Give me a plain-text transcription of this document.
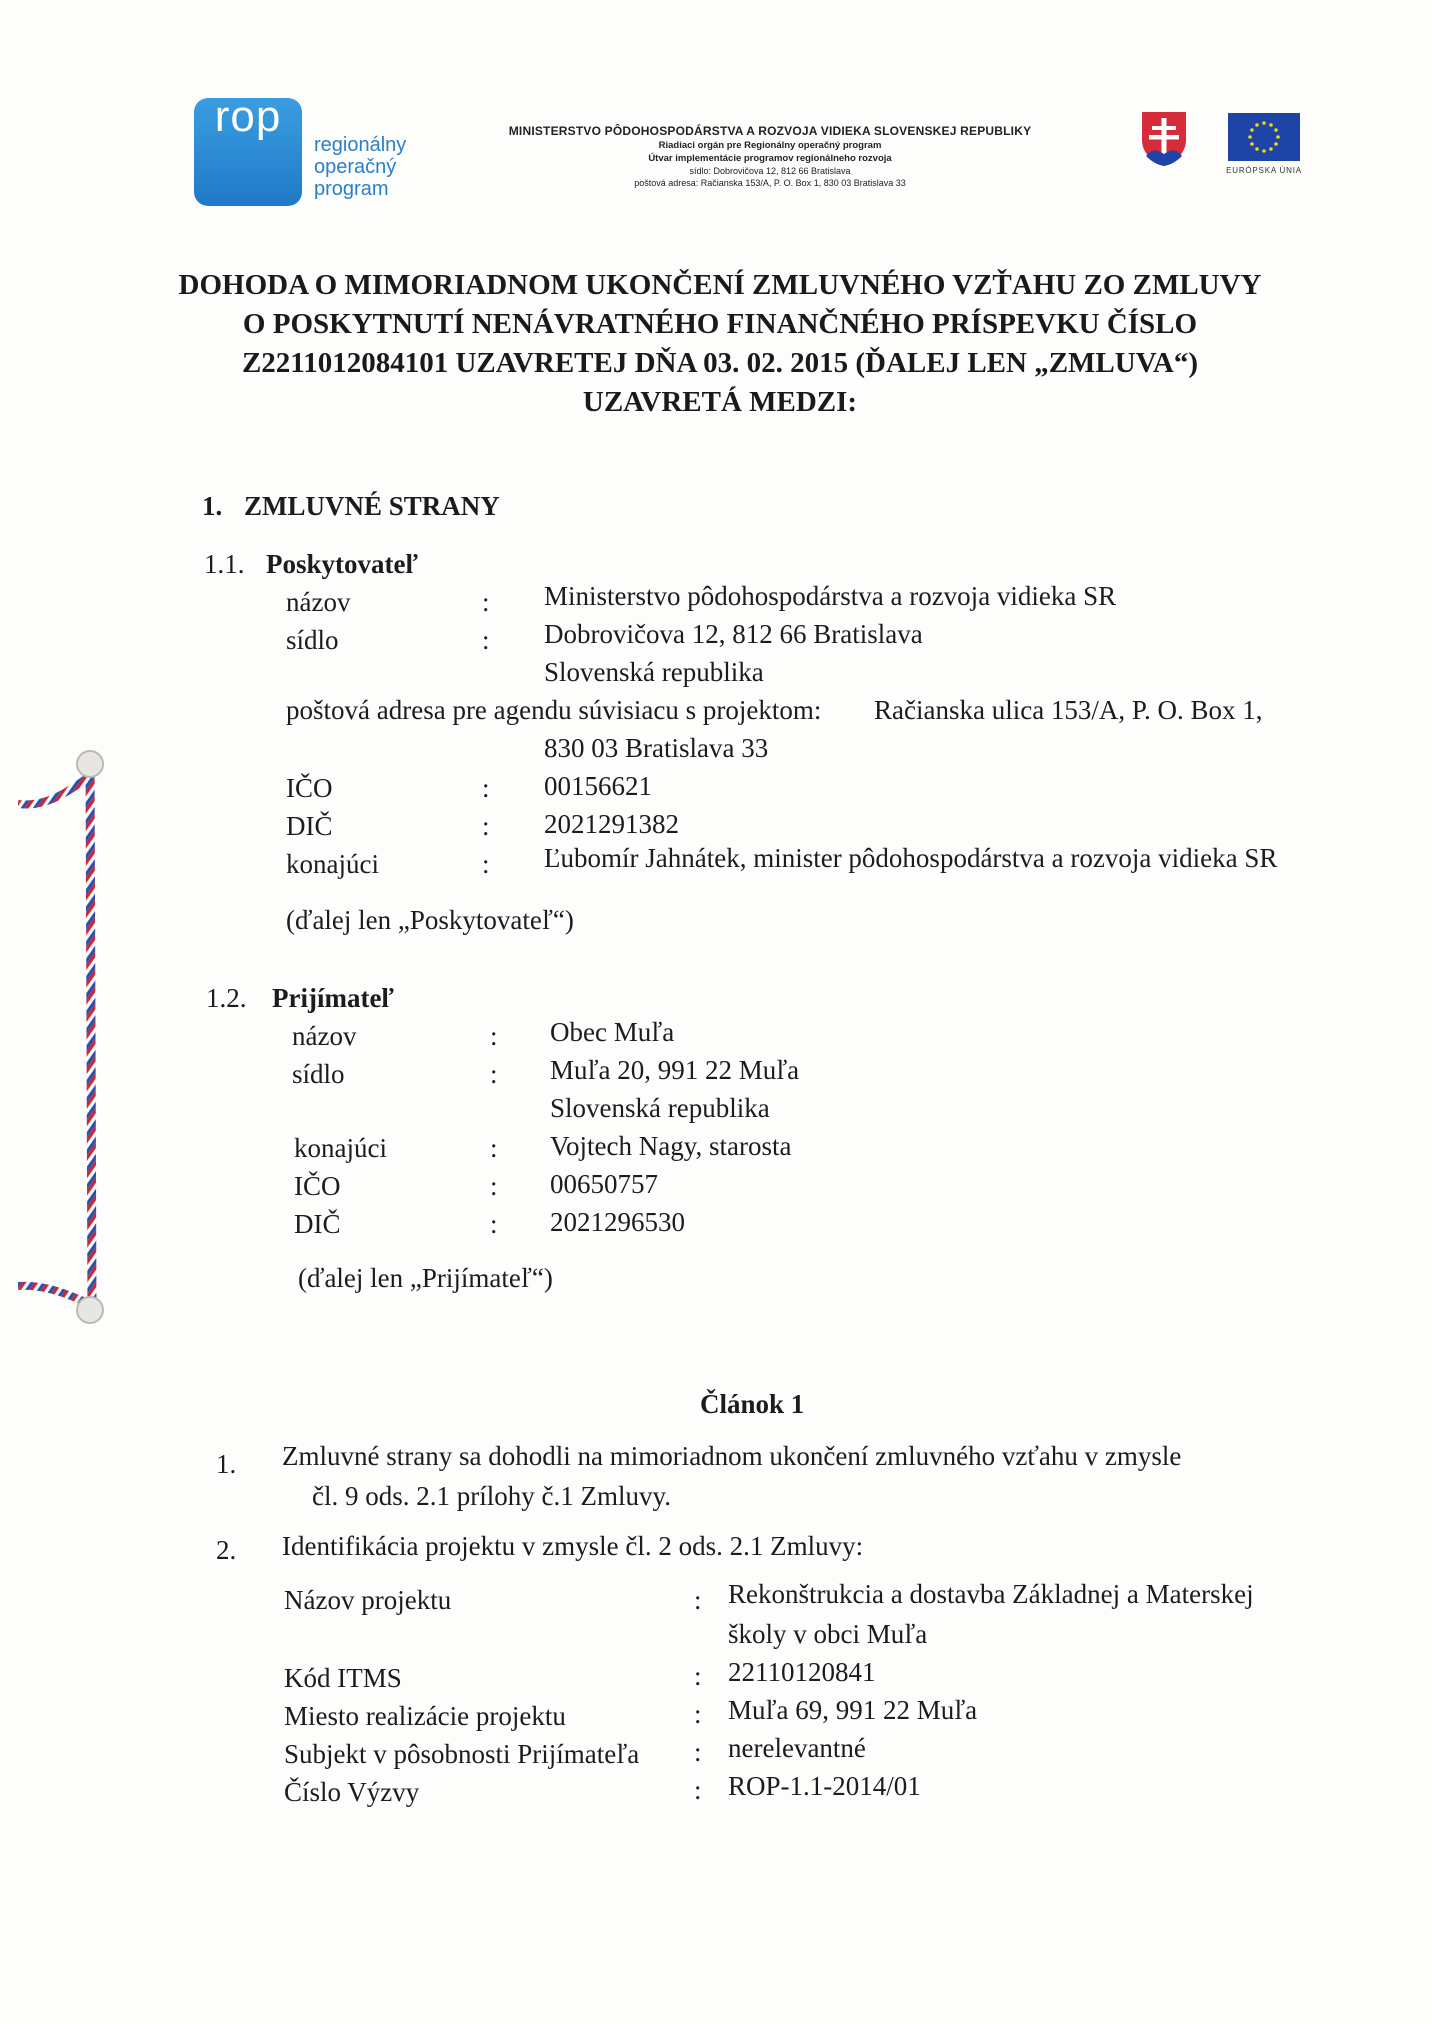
rop
regionálny
operačný
program
MINISTERSTVO PÔDOHOSPODÁRSTVA A ROZVOJA VIDIEKA SLOVENSKEJ REPUBLIKY
Riadiaci orgán pre Regionálny operačný program
Útvar implementácie programov regionálneho rozvoja
sídlo: Dobrovičova 12, 812 66 Bratislava
poštová adresa: Račianska 153/A, P. O. Box 1, 830 03 Bratislava 33
EURÓPSKA ÚNIA
DOHODA O MIMORIADNOM UKONČENÍ ZMLUVNÉHO VZŤAHU ZO ZMLUVY
O POSKYTNUTÍ NENÁVRATNÉHO FINANČNÉHO PRÍSPEVKU ČÍSLO
Z2211012084101 UZAVRETEJ DŇA 03. 02. 2015 (ĎALEJ LEN „ZMLUVA“)
UZAVRETÁ MEDZI:
1. ZMLUVNÉ STRANY
1.1. Poskytovateľ
názov	: Ministerstvo pôdohospodárstva a rozvoja vidieka SR
sídlo	: Dobrovičova 12, 812 66 Bratislava
Slovenská republika
poštová adresa pre agendu súvisiacu s projektom: Račianska ulica 153/A, P. O. Box 1,
830 03 Bratislava 33
IČO	: 00156621
DIČ	: 2021291382
konajúci	: Ľubomír Jahnátek, minister pôdohospodárstva a rozvoja vidieka SR
(ďalej len „Poskytovateľ“)
1.2. Prijímateľ
názov	: Obec Muľa
sídlo	: Muľa 20, 991 22 Muľa
Slovenská republika
konajúci	: Vojtech Nagy, starosta
IČO	: 00650757
DIČ	: 2021296530
(ďalej len „Prijímateľ“)
Článok 1
1. Zmluvné strany sa dohodli na mimoriadnom ukončení zmluvného vzťahu v zmysle
čl. 9 ods. 2.1 prílohy č.1 Zmluvy.
2. Identifikácia projektu v zmysle čl. 2 ods. 2.1 Zmluvy:
Názov projektu	: Rekonštrukcia a dostavba Základnej a Materskej
školy v obci Muľa
Kód ITMS	: 22110120841
Miesto realizácie projektu	: Muľa 69, 991 22 Muľa
Subjekt v pôsobnosti Prijímateľa : nerelevantné
Číslo Výzvy	: ROP-1.1-2014/01
